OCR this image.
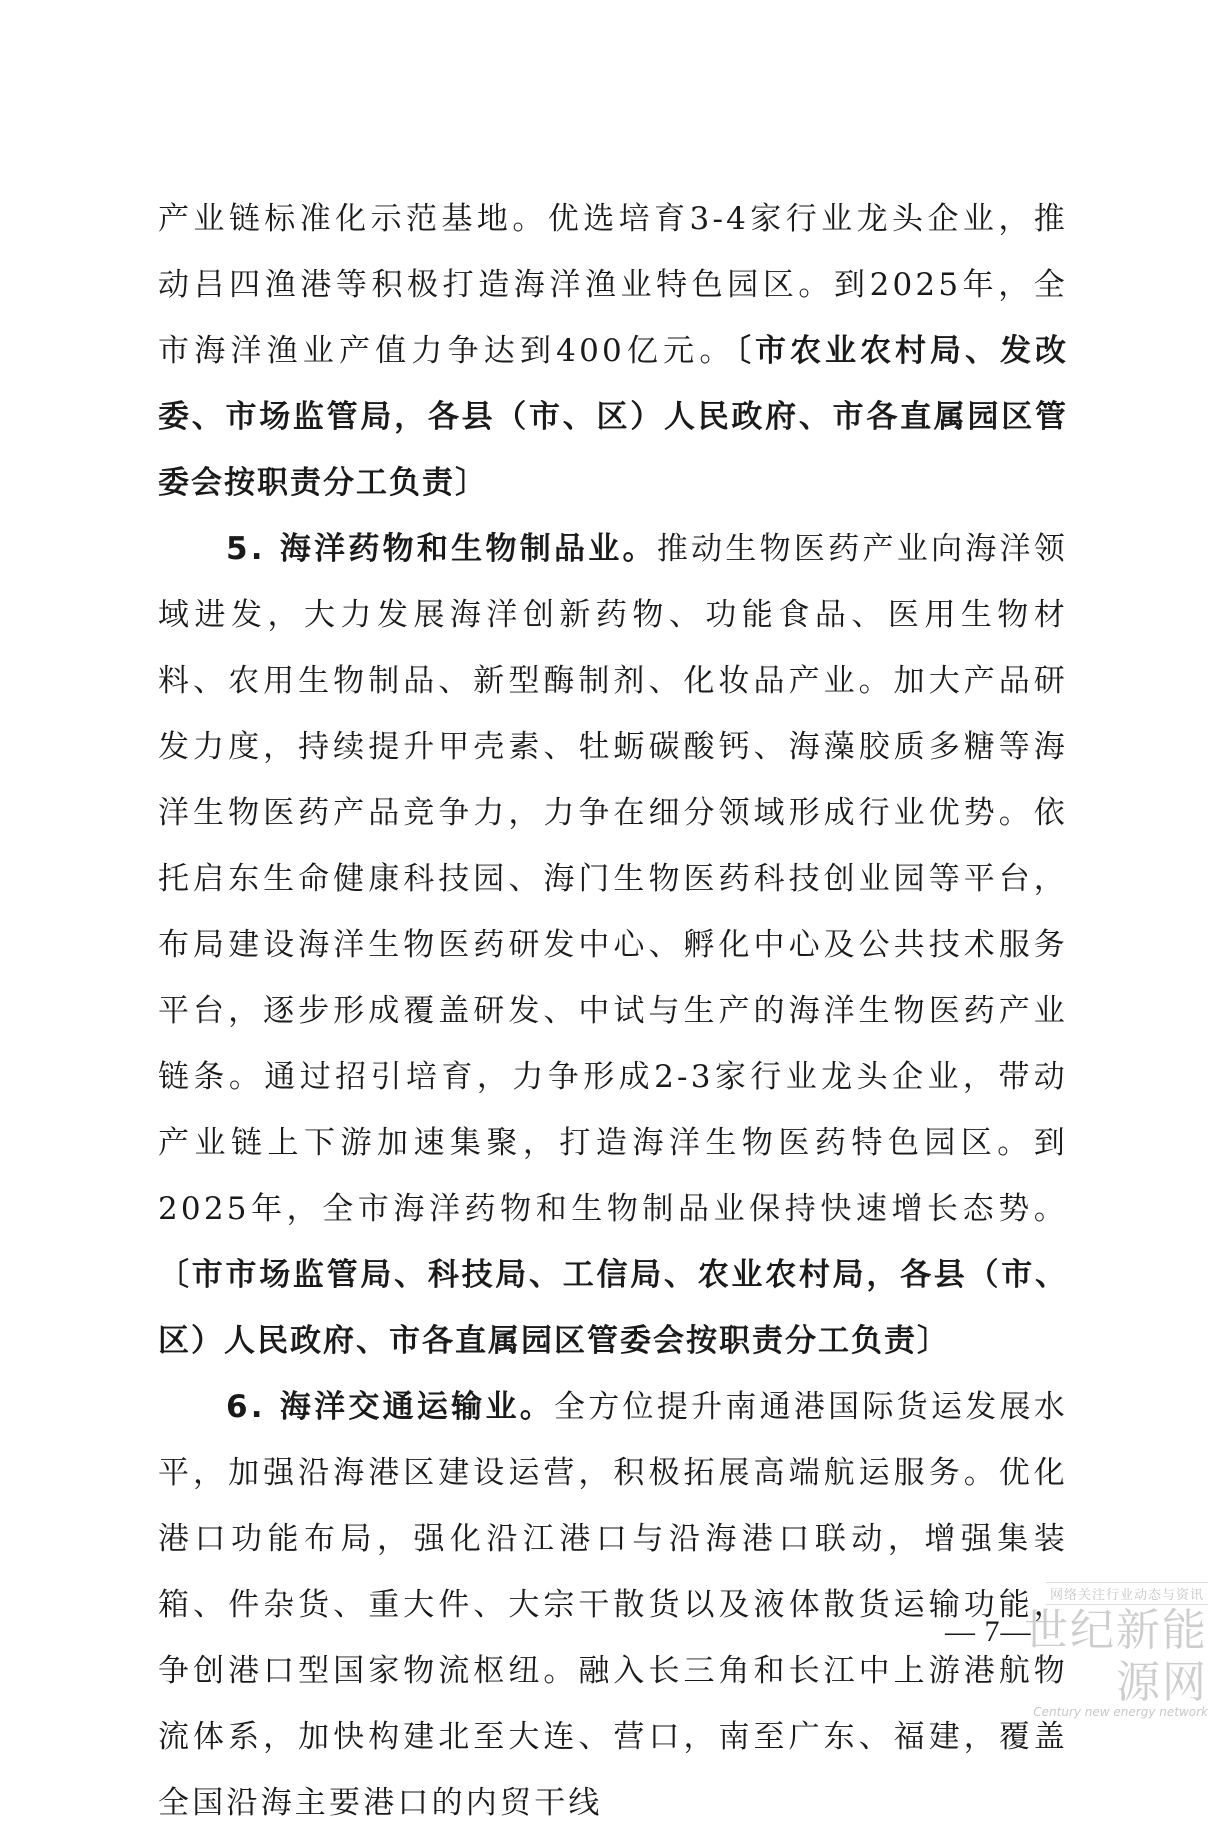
产业链标准化示范基地。优选培育3-4家行业龙头企业，推动吕四渔港等积极打造海洋渔业特色园区。到2025年，全市海洋渔业产值力争达到400亿元。〔市农业农村局、发改委、市场监管局，各县（市、区）人民政府、市各直属园区管委会按职责分工负责〕

5. 海洋药物和生物制品业。推动生物医药产业向海洋领域进发，大力发展海洋创新药物、功能食品、医用生物材料、农用生物制品、新型酶制剂、化妆品产业。加大产品研发力度，持续提升甲壳素、牡蛎碳酸钙、海藻胶质多糖等海洋生物医药产品竞争力，力争在细分领域形成行业优势。依托启东生命健康科技园、海门生物医药科技创业园等平台，布局建设海洋生物医药研发中心、孵化中心及公共技术服务平台，逐步形成覆盖研发、中试与生产的海洋生物医药产业链条。通过招引培育，力争形成2-3家行业龙头企业，带动产业链上下游加速集聚，打造海洋生物医药特色园区。到2025年，全市海洋药物和生物制品业保持快速增长态势。〔市市场监管局、科技局、工信局、农业农村局，各县（市、区）人民政府、市各直属园区管委会按职责分工负责〕

6. 海洋交通运输业。全方位提升南通港国际货运发展水平，加强沿海港区建设运营，积极拓展高端航运服务。优化港口功能布局，强化沿江港口与沿海港口联动，增强集装箱、件杂货、重大件、大宗干散货以及液体散货运输功能，争创港口型国家物流枢纽。融入长三角和长江中上游港航物流体系，加快构建北至大连、营口，南至广东、福建，覆盖全国沿海主要港口的内贸干线

— 7—
网络关注行业动态与资讯
世纪新能源网
Century new energy network
